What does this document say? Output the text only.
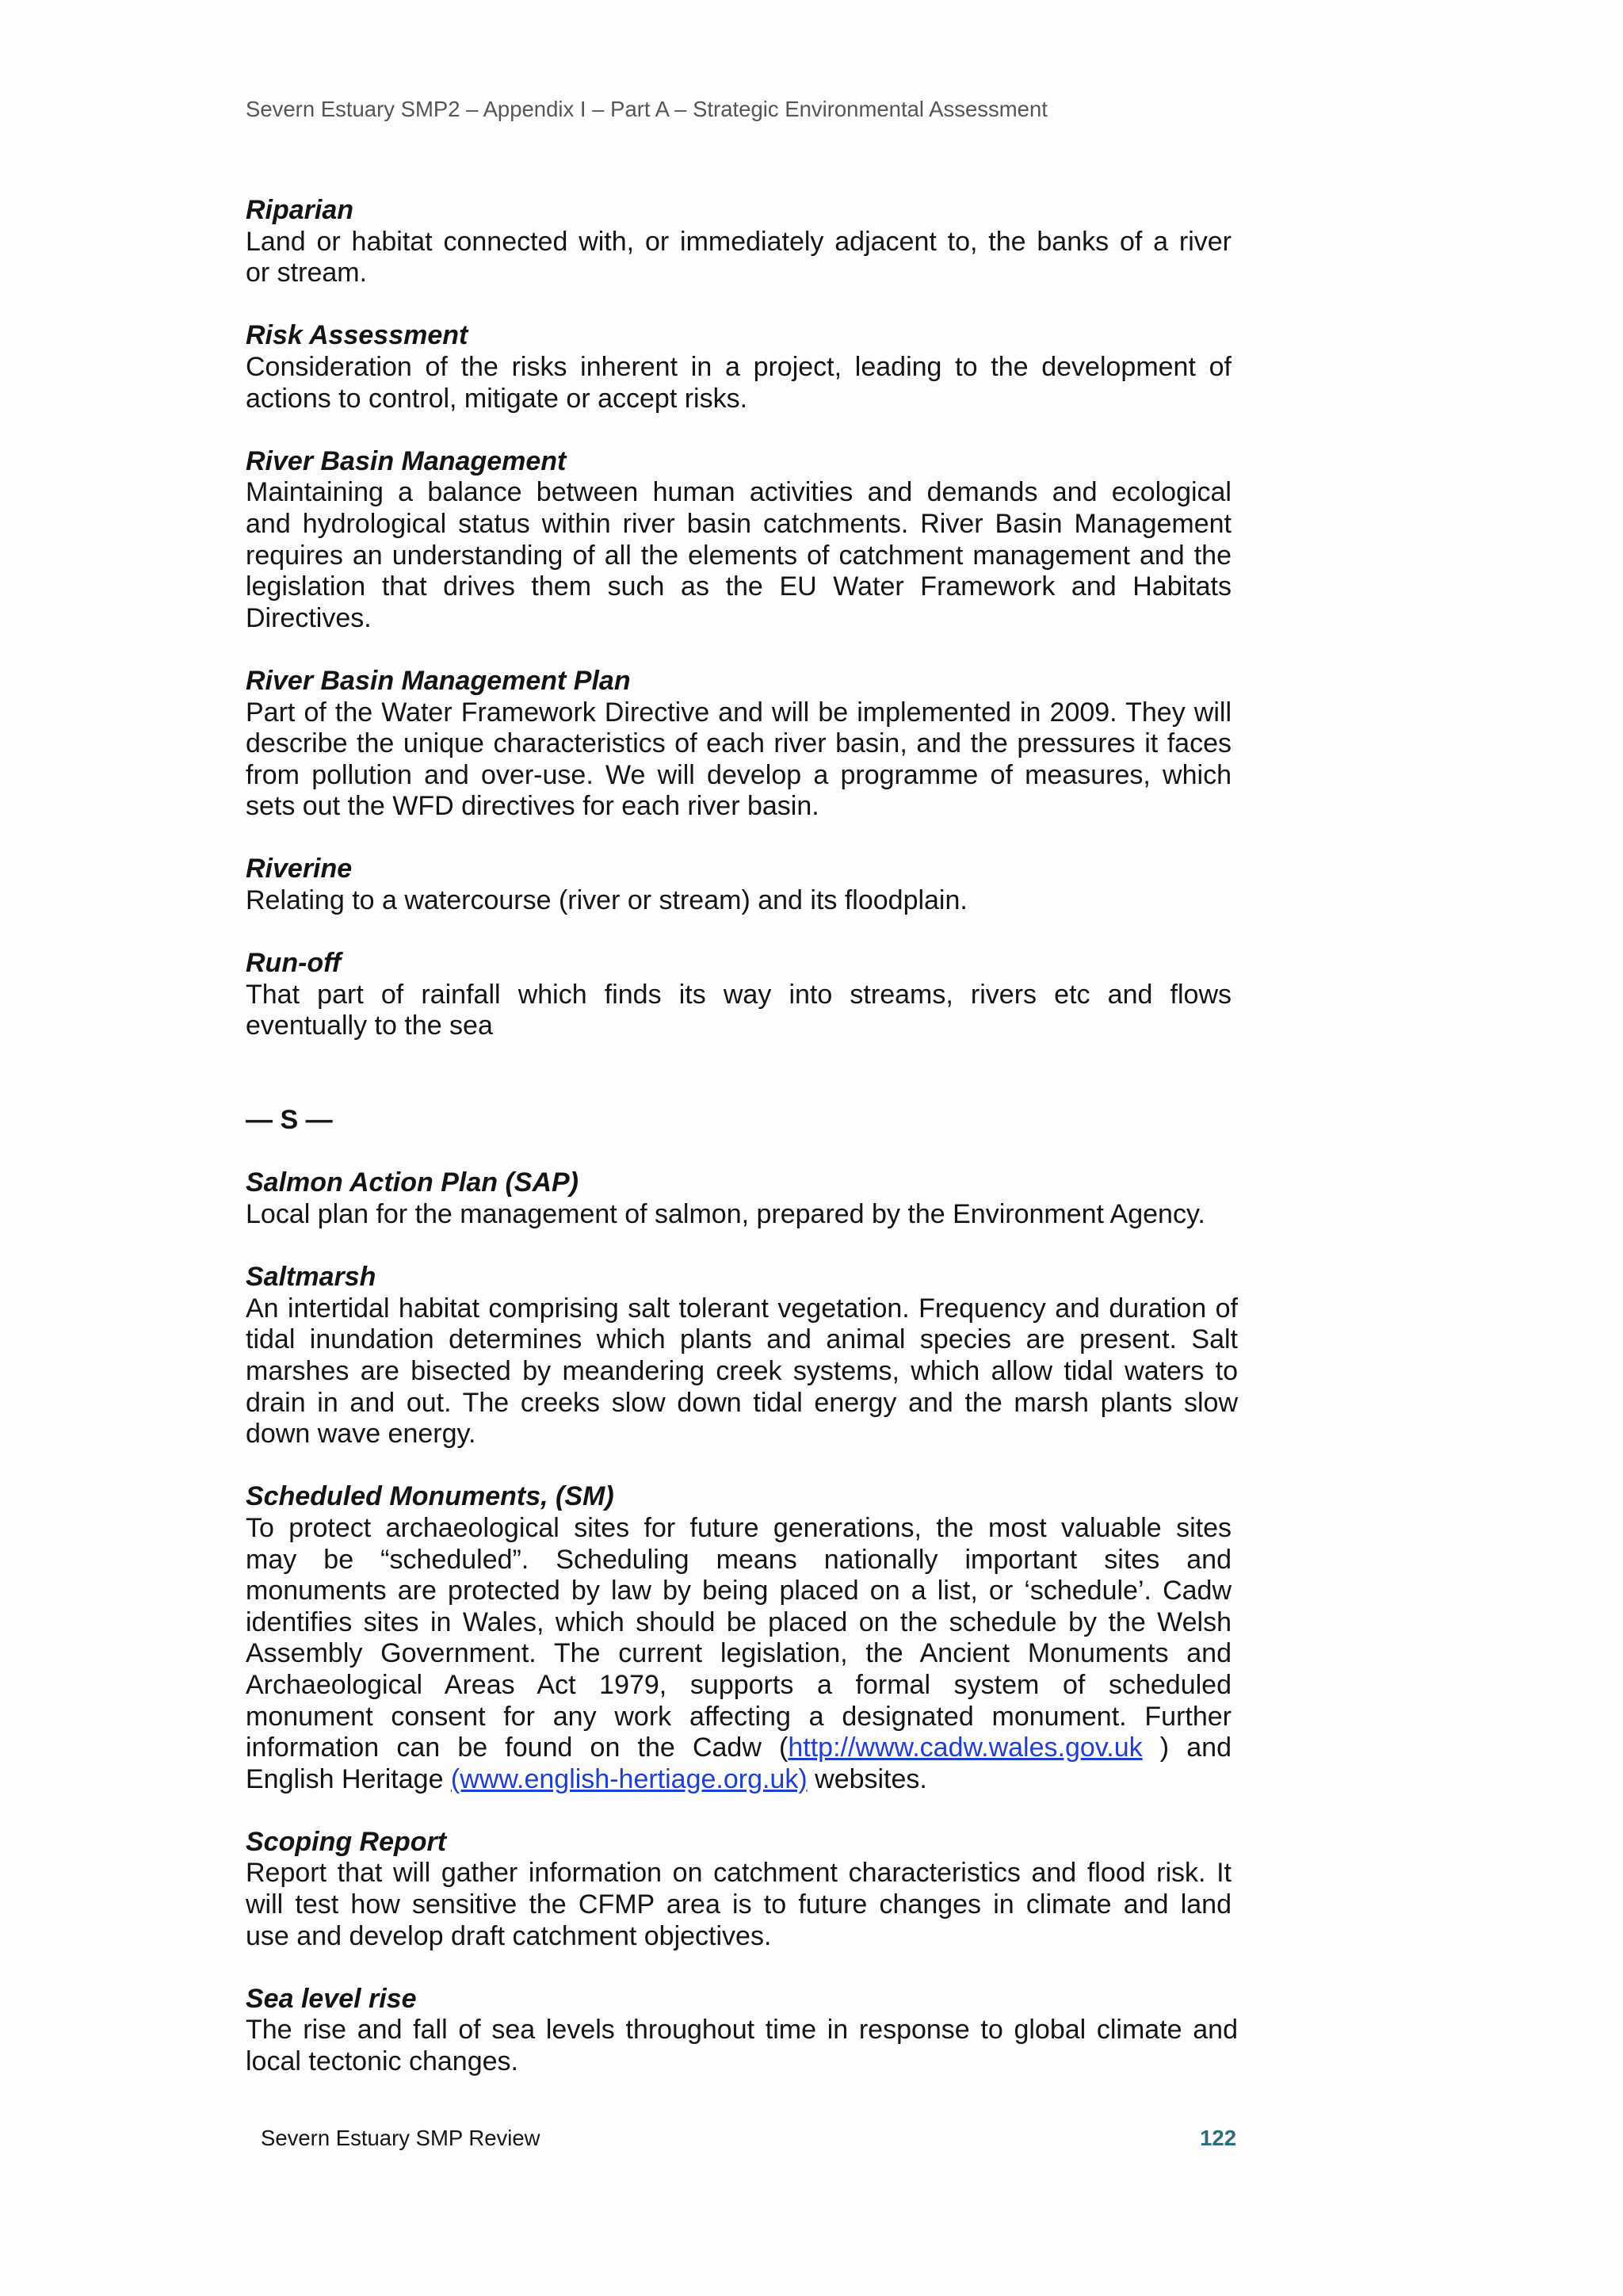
Severn Estuary SMP2 – Appendix I – Part A – Strategic Environmental Assessment
Riparian
Land or habitat connected with, or immediately adjacent to, the banks of a river
or stream.
Risk Assessment
Consideration of the risks inherent in a project, leading to the development of
actions to control, mitigate or accept risks.
River Basin Management
Maintaining a balance between human activities and demands and ecological
and hydrological status within river basin catchments. River Basin Management
requires an understanding of all the elements of catchment management and the
legislation that drives them such as the EU Water Framework and Habitats
Directives.
River Basin Management Plan
Part of the Water Framework Directive and will be implemented in 2009. They will
describe the unique characteristics of each river basin, and the pressures it faces
from pollution and over-use. We will develop a programme of measures, which
sets out the WFD directives for each river basin.
Riverine
Relating to a watercourse (river or stream) and its floodplain.
Run-off
That part of rainfall which finds its way into streams, rivers etc and flows
eventually to the sea
— S —
Salmon Action Plan (SAP)
Local plan for the management of salmon, prepared by the Environment Agency.
Saltmarsh
An intertidal habitat comprising salt tolerant vegetation. Frequency and duration of
tidal inundation determines which plants and animal species are present. Salt
marshes are bisected by meandering creek systems, which allow tidal waters to
drain in and out. The creeks slow down tidal energy and the marsh plants slow
down wave energy.
Scheduled Monuments, (SM)
To protect archaeological sites for future generations, the most valuable sites
may be “scheduled”. Scheduling means nationally important sites and
monuments are protected by law by being placed on a list, or ‘schedule’. Cadw
identifies sites in Wales, which should be placed on the schedule by the Welsh
Assembly Government. The current legislation, the Ancient Monuments and
Archaeological Areas Act 1979, supports a formal system of scheduled
monument consent for any work affecting a designated monument. Further
information can be found on the Cadw (http://www.cadw.wales.gov.uk ) and
English Heritage (www.english-hertiage.org.uk) websites.
Scoping Report
Report that will gather information on catchment characteristics and flood risk. It
will test how sensitive the CFMP area is to future changes in climate and land
use and develop draft catchment objectives.
Sea level rise
The rise and fall of sea levels throughout time in response to global climate and
local tectonic changes.
Severn Estuary SMP Review	122
